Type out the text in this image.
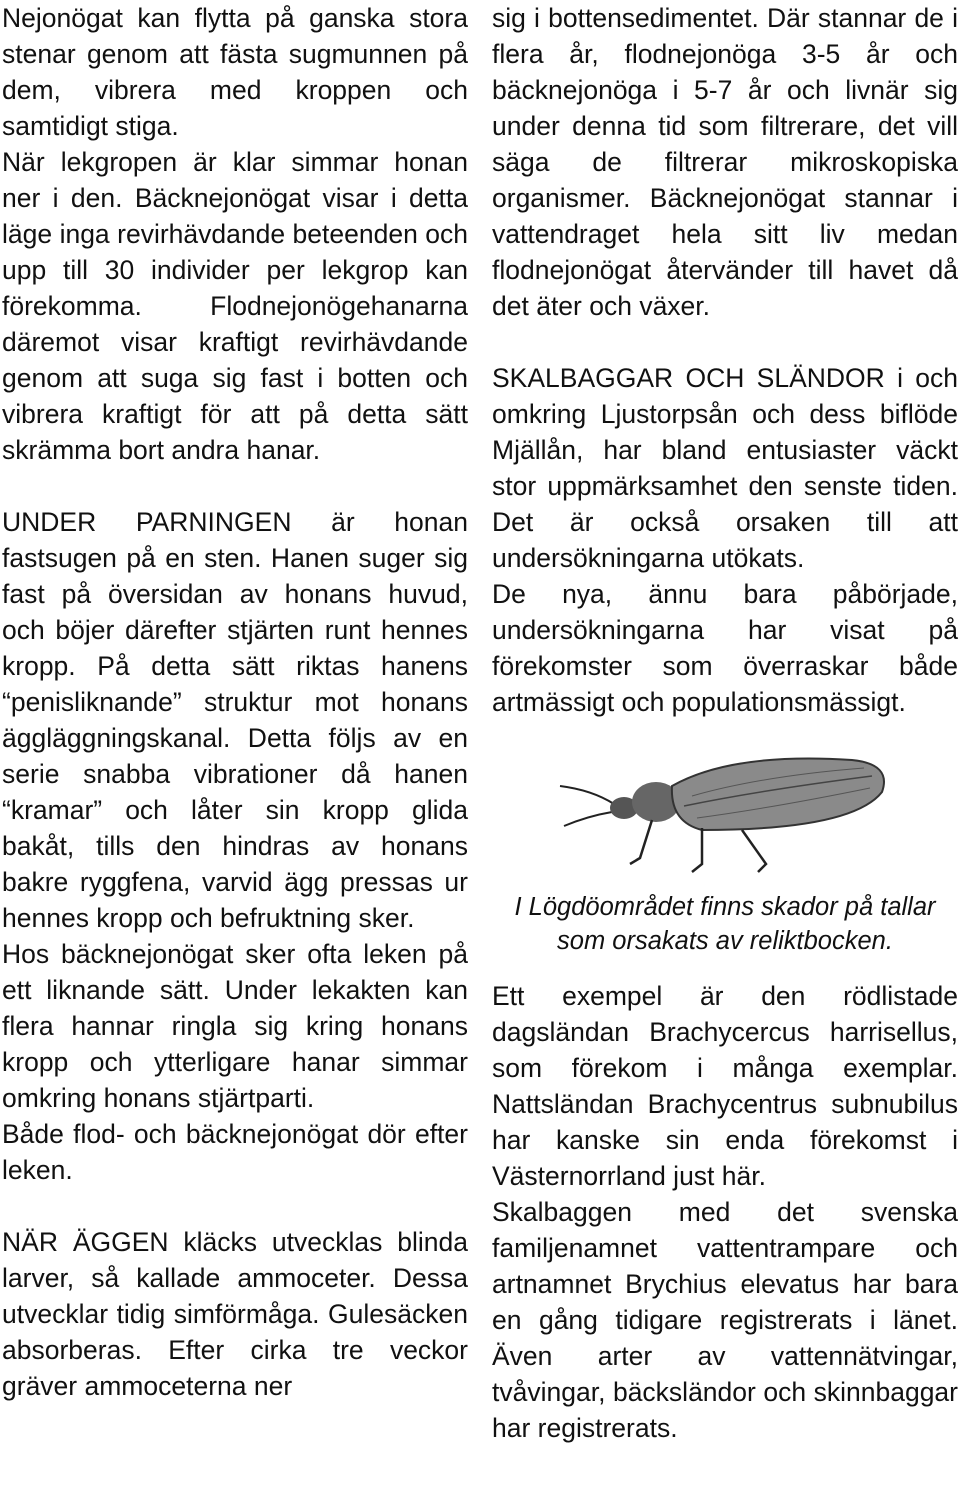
Nejonögat kan flytta på ganska stora stenar genom att fästa sugmunnen på dem, vibrera med kroppen och samtidigt stiga.

När lekgropen är klar simmar honan ner i den. Bäcknejonögat visar i detta läge inga revirhävdande beteenden och upp till 30 individer per lekgrop kan förekomma. Flodnejonögehanarna däremot visar kraftigt revirhävdande genom att suga sig fast i botten och vibrera kraftigt för att på detta sätt skrämma bort andra hanar.

UNDER PARNINGEN är honan fastsugen på en sten. Hanen suger sig fast på översidan av honans huvud, och böjer därefter stjärten runt hennes kropp. På detta sätt riktas hanens “penisliknande” struktur mot honans äggläggningskanal. Detta följs av en serie snabba vibrationer då hanen “kramar” och låter sin kropp glida bakåt, tills den hindras av honans bakre ryggfena, varvid ägg pressas ur hennes kropp och befruktning sker.

Hos bäcknejonögat sker ofta leken på ett liknande sätt. Under lekakten kan flera hannar ringla sig kring honans kropp och ytterligare hanar simmar omkring honans stjärtparti.

Både flod- och bäcknejonögat dör efter leken.

NÄR ÄGGEN kläcks utvecklas blinda larver, så kallade ammoceter. Dessa utvecklar tidig simförmåga. Gulesäcken absorberas. Efter cirka tre veckor gräver ammoceterna ner

sig i bottensedimentet. Där stannar de i flera år, flodnejonöga 3-5 år och bäcknejonöga i 5-7 år och livnär sig under denna tid som filtrerare, det vill säga de filtrerar mikroskopiska organismer. Bäcknejonögat stannar i vattendraget hela sitt liv medan flodnejonögat återvänder till havet då det äter och växer.

SKALBAGGAR OCH SLÄNDOR i och omkring Ljustorpsån och dess biflöde Mjällån, har bland entusiaster väckt stor uppmärksamhet den senste tiden. Det är också orsaken till att undersökningarna utökats.

De nya, ännu bara påbörjade, undersökningarna har visat på förekomster som överraskar både artmässigt och populationsmässigt.

I Lögdöområdet finns skador på tallar som orsakats av reliktbocken.

Ett exempel är den rödlistade dagsländan Brachycercus harrisellus, som förekom i många exemplar. Nattsländan Brachycentrus subnubilus har kanske sin enda förekomst i Västernorrland just här.

Skalbaggen med det svenska familjenamnet vattentrampare och artnamnet Brychius elevatus har bara en gång tidigare registrerats i länet. Även arter av vattennätvingar, tvåvingar, bäcksländor och skinnbaggar har registrerats.
